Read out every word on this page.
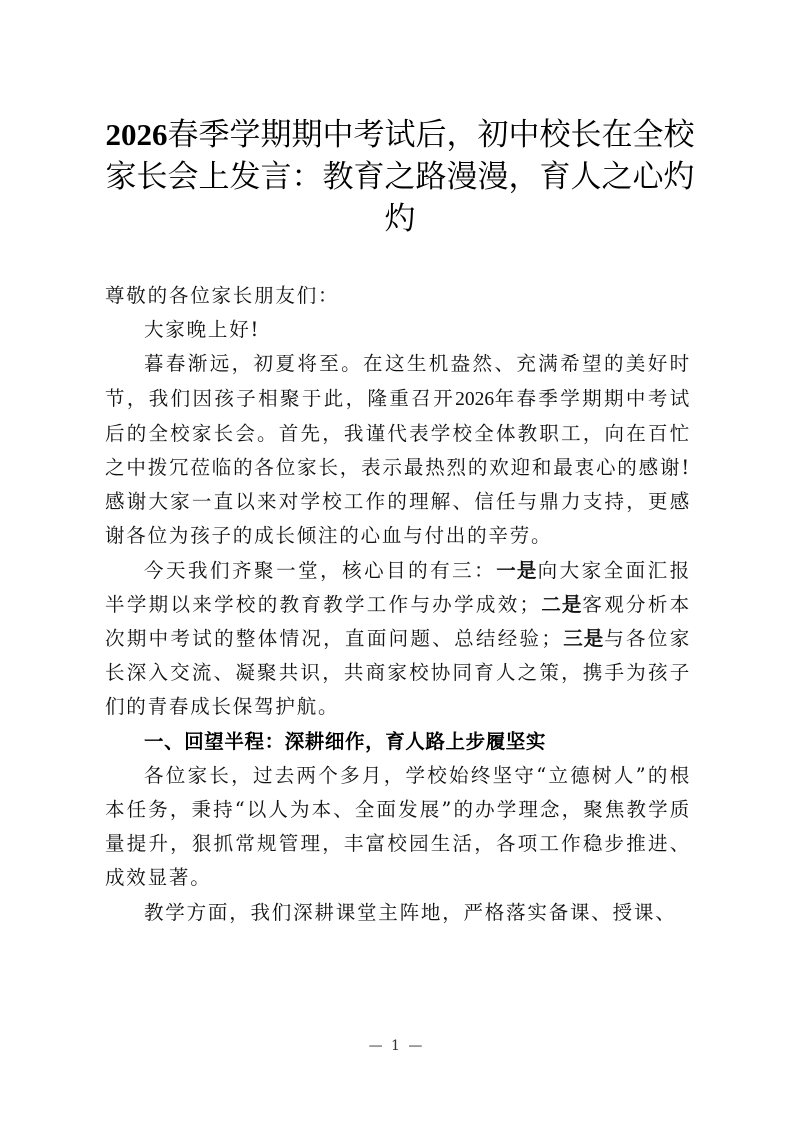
2026春季学期期中考试后，初中校长在全校家长会上发言：教育之路漫漫，育人之心灼灼

尊敬的各位家长朋友们：

大家晚上好!

暮春渐远，初夏将至。在这生机盎然、充满希望的美好时节，我们因孩子相聚于此，隆重召开2026年春季学期期中考试后的全校家长会。首先，我谨代表学校全体教职工，向在百忙之中拨冗莅临的各位家长，表示最热烈的欢迎和最衷心的感谢!感谢大家一直以来对学校工作的理解、信任与鼎力支持，更感谢各位为孩子的成长倾注的心血与付出的辛劳。

今天我们齐聚一堂，核心目的有三：一是向大家全面汇报半学期以来学校的教育教学工作与办学成效；二是客观分析本次期中考试的整体情况，直面问题、总结经验；三是与各位家长深入交流、凝聚共识，共商家校协同育人之策，携手为孩子们的青春成长保驾护航。

一、回望半程：深耕细作，育人路上步履坚实

各位家长，过去两个多月，学校始终坚守“立德树人”的根本任务，秉持“以人为本、全面发展”的办学理念，聚焦教学质量提升，狠抓常规管理，丰富校园生活，各项工作稳步推进、成效显著。

教学方面，我们深耕课堂主阵地，严格落实备课、授课、

— 1 —
